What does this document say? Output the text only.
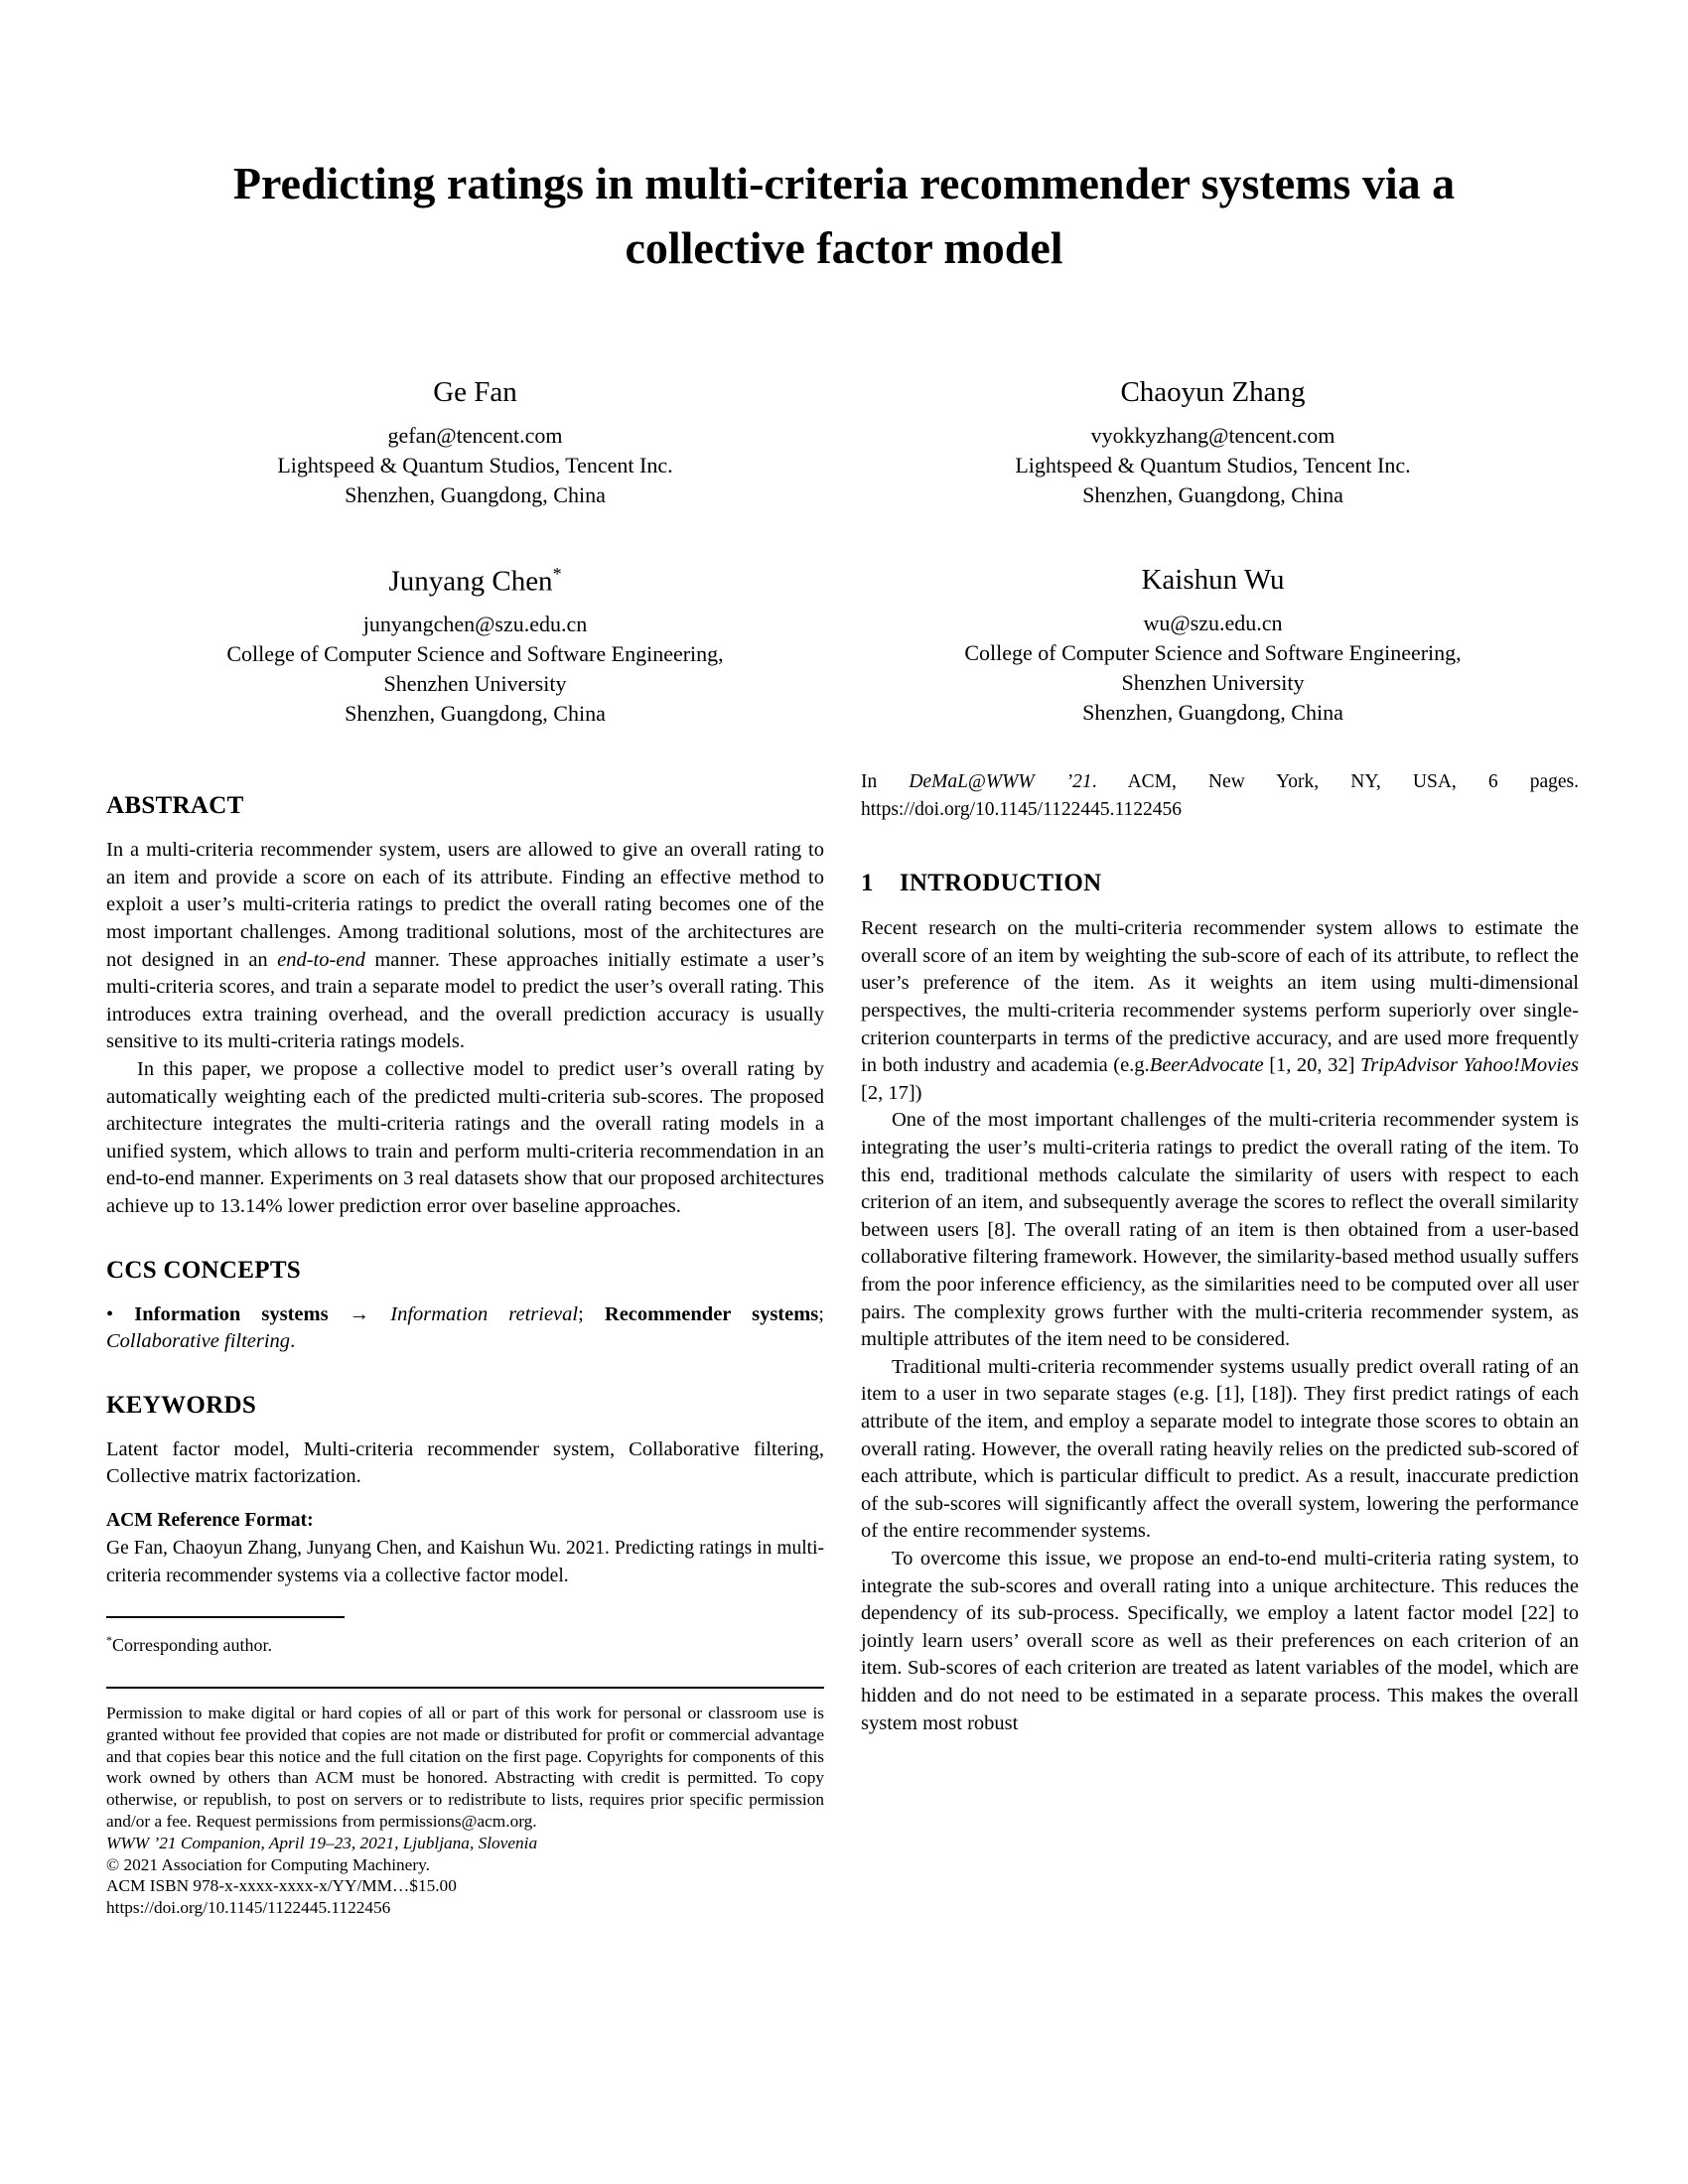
Predicting ratings in multi-criteria recommender systems via a collective factor model
Ge Fan
gefan@tencent.com
Lightspeed & Quantum Studios, Tencent Inc.
Shenzhen, Guangdong, China
Chaoyun Zhang
vyokkyzhang@tencent.com
Lightspeed & Quantum Studios, Tencent Inc.
Shenzhen, Guangdong, China
Junyang Chen*
junyangchen@szu.edu.cn
College of Computer Science and Software Engineering,
Shenzhen University
Shenzhen, Guangdong, China
Kaishun Wu
wu@szu.edu.cn
College of Computer Science and Software Engineering,
Shenzhen University
Shenzhen, Guangdong, China
ABSTRACT

In a multi-criteria recommender system, users are allowed to give an overall rating to an item and provide a score on each of its attribute. Finding an effective method to exploit a user’s multi-criteria ratings to predict the overall rating becomes one of the most important challenges. Among traditional solutions, most of the architectures are not designed in an end-to-end manner. These approaches initially estimate a user’s multi-criteria scores, and train a separate model to predict the user’s overall rating. This introduces extra training overhead, and the overall prediction accuracy is usually sensitive to its multi-criteria ratings models.

In this paper, we propose a collective model to predict user’s overall rating by automatically weighting each of the predicted multi-criteria sub-scores. The proposed architecture integrates the multi-criteria ratings and the overall rating models in a unified system, which allows to train and perform multi-criteria recommendation in an end-to-end manner. Experiments on 3 real datasets show that our proposed architectures achieve up to 13.14% lower prediction error over baseline approaches.

CCS CONCEPTS

• Information systems → Information retrieval; Recommender systems; Collaborative filtering.

KEYWORDS

Latent factor model, Multi-criteria recommender system, Collaborative filtering, Collective matrix factorization.

ACM Reference Format:

Ge Fan, Chaoyun Zhang, Junyang Chen, and Kaishun Wu. 2021. Predicting ratings in multi-criteria recommender systems via a collective factor model.

*Corresponding author.

Permission to make digital or hard copies of all or part of this work for personal or classroom use is granted without fee provided that copies are not made or distributed for profit or commercial advantage and that copies bear this notice and the full citation on the first page. Copyrights for components of this work owned by others than ACM must be honored. Abstracting with credit is permitted. To copy otherwise, or republish, to post on servers or to redistribute to lists, requires prior specific permission and/or a fee. Request permissions from permissions@acm.org.

WWW ’21 Companion, April 19–23, 2021, Ljubljana, Slovenia

© 2021 Association for Computing Machinery.

ACM ISBN 978-x-xxxx-xxxx-x/YY/MM…$15.00

https://doi.org/10.1145/1122445.1122456

In DeMaL@WWW ’21. ACM, New York, NY, USA, 6 pages. https://doi.org/10.1145/1122445.1122456

1 INTRODUCTION

Recent research on the multi-criteria recommender system allows to estimate the overall score of an item by weighting the sub-score of each of its attribute, to reflect the user’s preference of the item. As it weights an item using multi-dimensional perspectives, the multi-criteria recommender systems perform superiorly over single-criterion counterparts in terms of the predictive accuracy, and are used more frequently in both industry and academia (e.g.BeerAdvocate [1, 20, 32] TripAdvisor Yahoo!Movies [2, 17])

One of the most important challenges of the multi-criteria recommender system is integrating the user’s multi-criteria ratings to predict the overall rating of the item. To this end, traditional methods calculate the similarity of users with respect to each criterion of an item, and subsequently average the scores to reflect the overall similarity between users [8]. The overall rating of an item is then obtained from a user-based collaborative filtering framework. However, the similarity-based method usually suffers from the poor inference efficiency, as the similarities need to be computed over all user pairs. The complexity grows further with the multi-criteria recommender system, as multiple attributes of the item need to be considered.

Traditional multi-criteria recommender systems usually predict overall rating of an item to a user in two separate stages (e.g. [1], [18]). They first predict ratings of each attribute of the item, and employ a separate model to integrate those scores to obtain an overall rating. However, the overall rating heavily relies on the predicted sub-scored of each attribute, which is particular difficult to predict. As a result, inaccurate prediction of the sub-scores will significantly affect the overall system, lowering the performance of the entire recommender systems.

To overcome this issue, we propose an end-to-end multi-criteria rating system, to integrate the sub-scores and overall rating into a unique architecture. This reduces the dependency of its sub-process. Specifically, we employ a latent factor model [22] to jointly learn users’ overall score as well as their preferences on each criterion of an item. Sub-scores of each criterion are treated as latent variables of the model, which are hidden and do not need to be estimated in a separate process. This makes the overall system most robust
